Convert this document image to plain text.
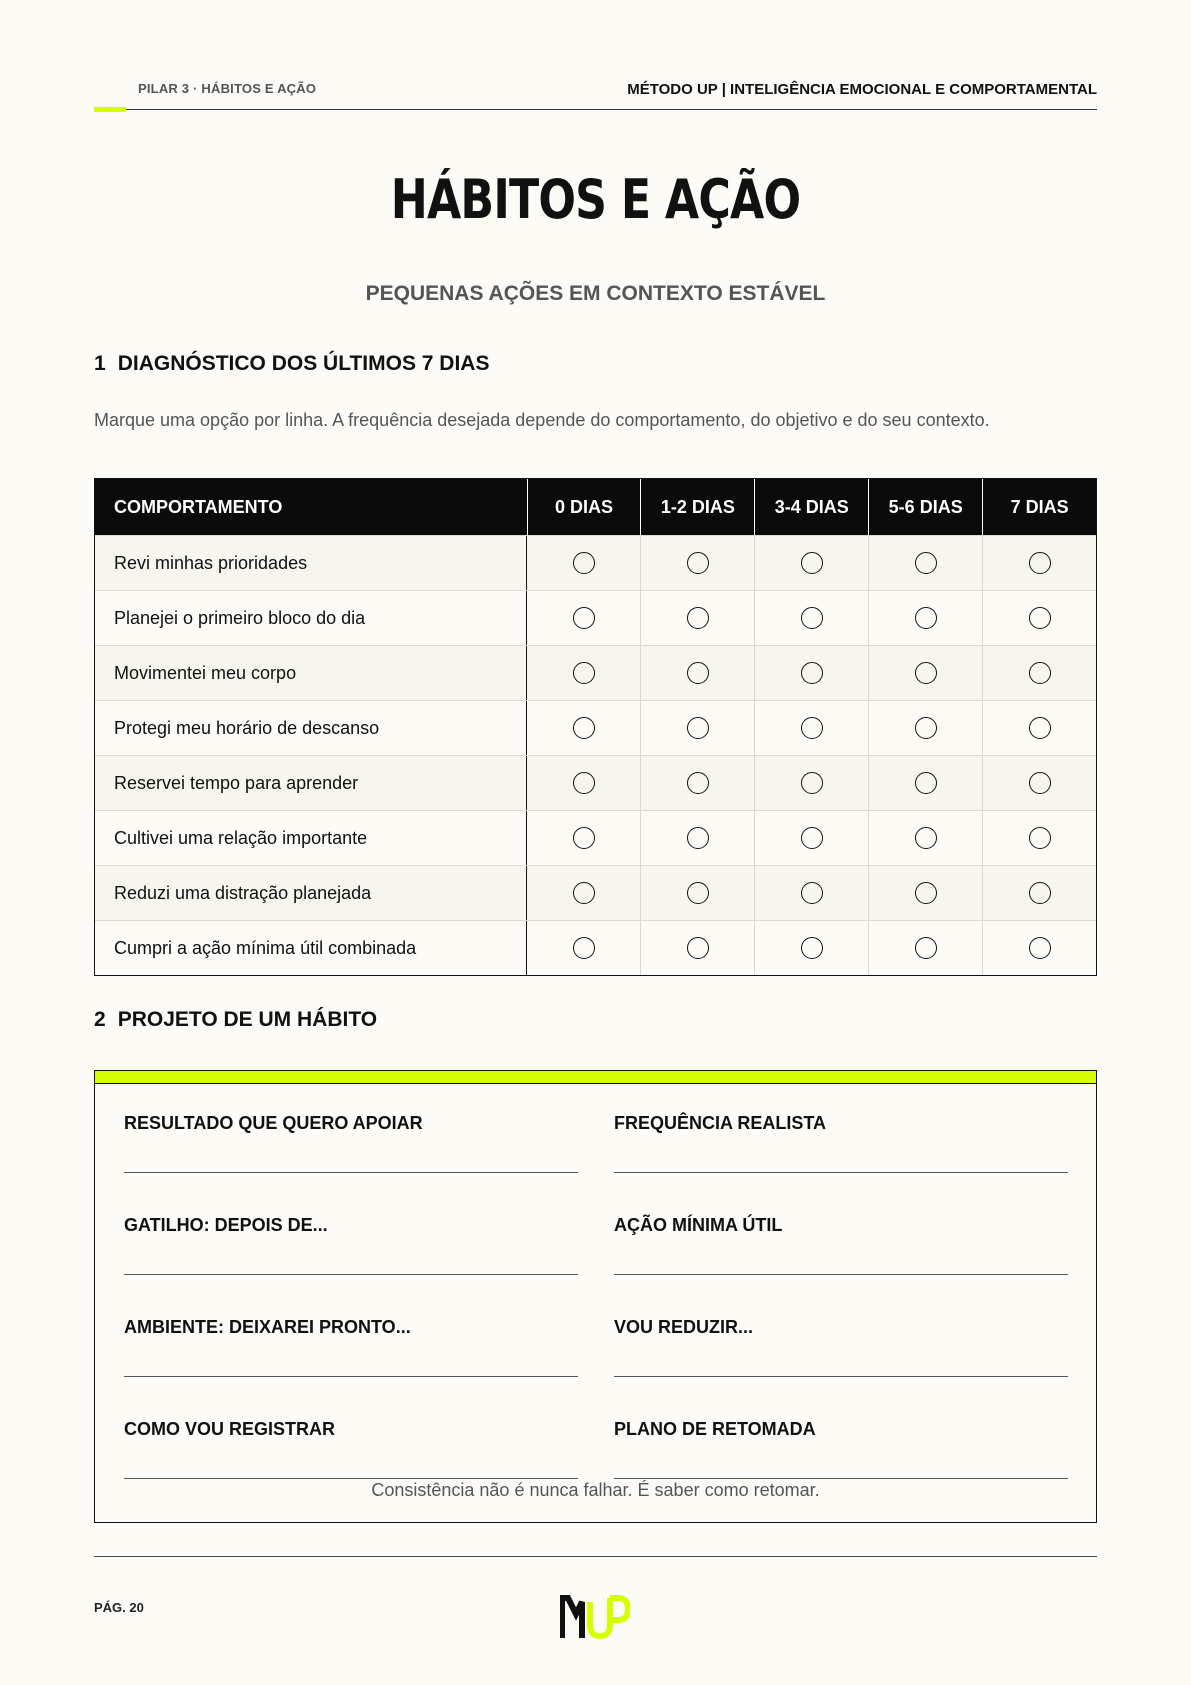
PILAR 3 · HÁBITOS E AÇÃO	MÉTODO UP | INTELIGÊNCIA EMOCIONAL E COMPORTAMENTAL
HÁBITOS E AÇÃO
PEQUENAS AÇÕES EM CONTEXTO ESTÁVEL
1 DIAGNÓSTICO DOS ÚLTIMOS 7 DIAS
Marque uma opção por linha. A frequência desejada depende do comportamento, do objetivo e do seu contexto.
COMPORTAMENTO	0 DIAS	1-2 DIAS	3-4 DIAS	5-6 DIAS	7 DIAS
Revi minhas prioridades
Planejei o primeiro bloco do dia
Movimentei meu corpo
Protegi meu horário de descanso
Reservei tempo para aprender
Cultivei uma relação importante
Reduzi uma distração planejada
Cumpri a ação mínima útil combinada
2 PROJETO DE UM HÁBITO
RESULTADO QUE QUERO APOIAR	FREQUÊNCIA REALISTA
GATILHO: DEPOIS DE...	AÇÃO MÍNIMA ÚTIL
AMBIENTE: DEIXAREI PRONTO...	VOU REDUZIR...
COMO VOU REGISTRAR	PLANO DE RETOMADA
Consistência não é nunca falhar. É saber como retomar.
PÁG. 20
